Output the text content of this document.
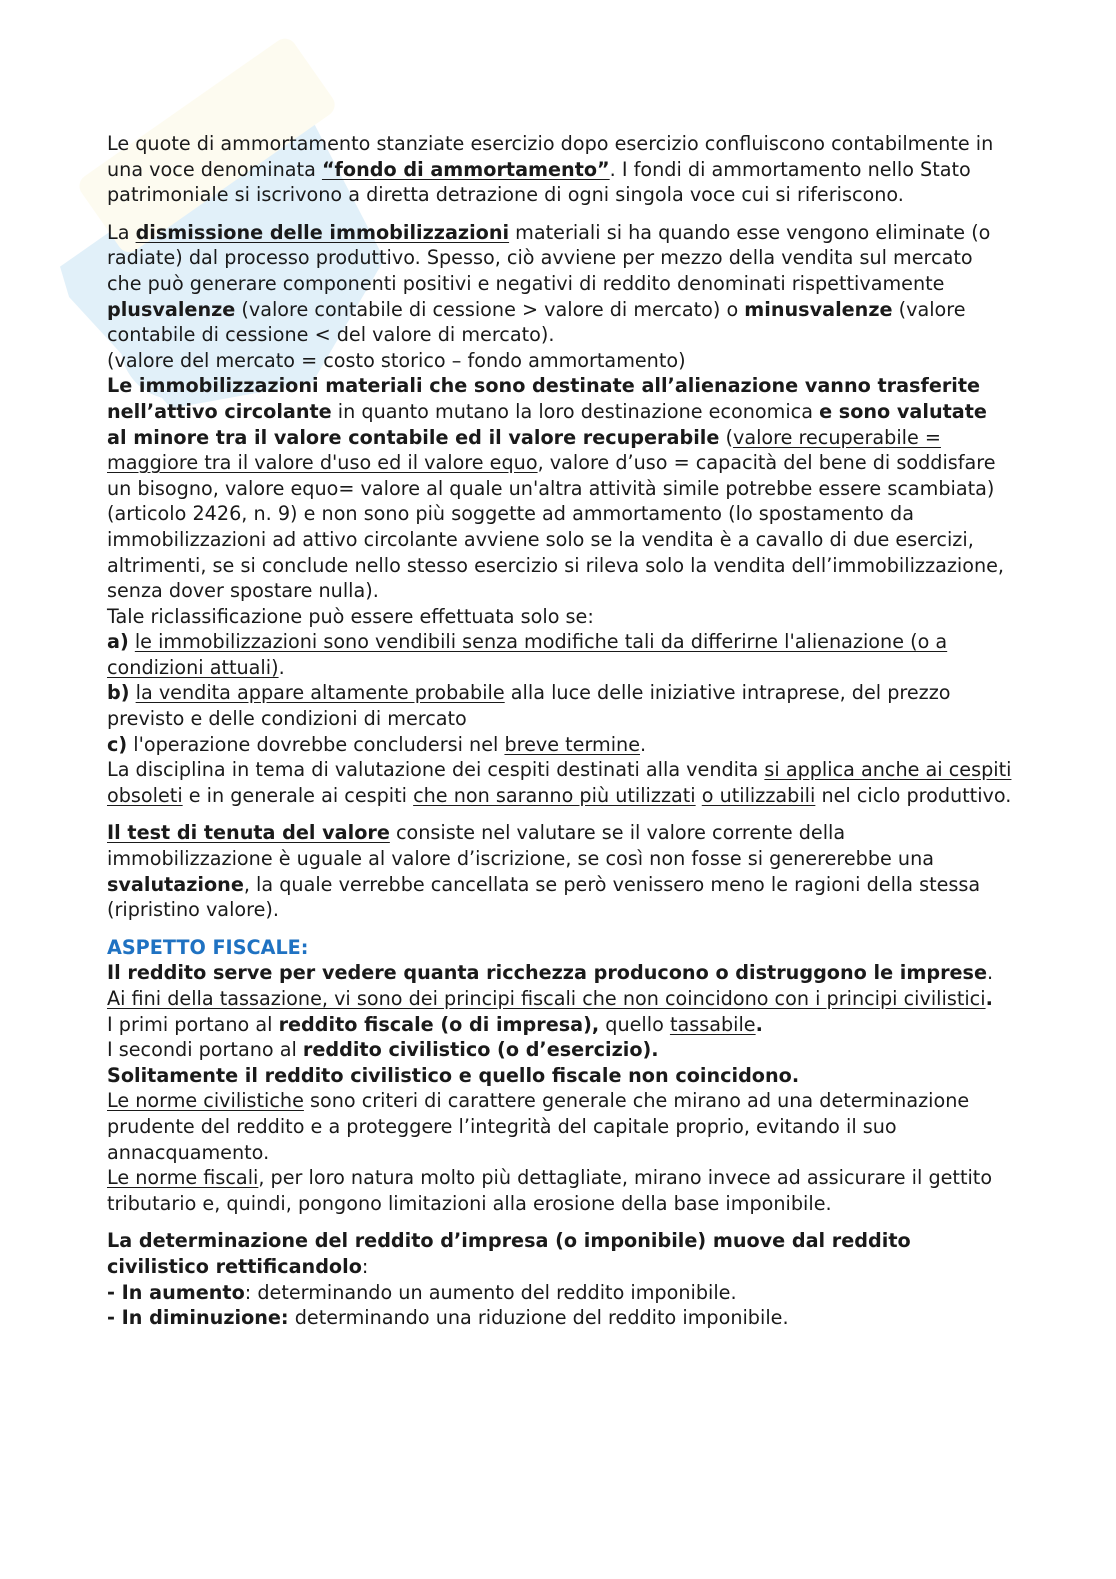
Le quote di ammortamento stanziate esercizio dopo esercizio confluiscono contabilmente in una voce denominata “fondo di ammortamento”. I fondi di ammortamento nello Stato patrimoniale si iscrivono a diretta detrazione di ogni singola voce cui si riferiscono.

La dismissione delle immobilizzazioni materiali si ha quando esse vengono eliminate (o radiate) dal processo produttivo. Spesso, ciò avviene per mezzo della vendita sul mercato che può generare componenti positivi e negativi di reddito denominati rispettivamente plusvalenze (valore contabile di cessione > valore di mercato) o minusvalenze (valore contabile di cessione < del valore di mercato).

(valore del mercato = costo storico – fondo ammortamento)

Le immobilizzazioni materiali che sono destinate all’alienazione vanno trasferite nell’attivo circolante in quanto mutano la loro destinazione economica e sono valutate al minore tra il valore contabile ed il valore recuperabile (valore recuperabile = maggiore tra il valore d'uso ed il valore equo, valore d’uso = capacità del bene di soddisfare un bisogno, valore equo= valore al quale un'altra attività simile potrebbe essere scambiata) (articolo 2426, n. 9) e non sono più soggette ad ammortamento (lo spostamento da immobilizzazioni ad attivo circolante avviene solo se la vendita è a cavallo di due esercizi, altrimenti, se si conclude nello stesso esercizio si rileva solo la vendita dell’immobilizzazione, senza dover spostare nulla).

Tale riclassificazione può essere effettuata solo se:

a) le immobilizzazioni sono vendibili senza modifiche tali da differirne l'alienazione (o a condizioni attuali).

b) la vendita appare altamente probabile alla luce delle iniziative intraprese, del prezzo previsto e delle condizioni di mercato

c) l'operazione dovrebbe concludersi nel breve termine.

La disciplina in tema di valutazione dei cespiti destinati alla vendita si applica anche ai cespiti obsoleti e in generale ai cespiti che non saranno più utilizzati o utilizzabili nel ciclo produttivo.

Il test di tenuta del valore consiste nel valutare se il valore corrente della immobilizzazione è uguale al valore d’iscrizione, se così non fosse si genererebbe una svalutazione, la quale verrebbe cancellata se però venissero meno le ragioni della stessa (ripristino valore).

ASPETTO FISCALE:

Il reddito serve per vedere quanta ricchezza producono o distruggono le imprese.

Ai fini della tassazione, vi sono dei principi fiscali che non coincidono con i principi civilistici.

I primi portano al reddito fiscale (o di impresa), quello tassabile.

I secondi portano al reddito civilistico (o d’esercizio).

Solitamente il reddito civilistico e quello fiscale non coincidono.

Le norme civilistiche sono criteri di carattere generale che mirano ad una determinazione prudente del reddito e a proteggere l’integrità del capitale proprio, evitando il suo annacquamento.

Le norme fiscali, per loro natura molto più dettagliate, mirano invece ad assicurare il gettito tributario e, quindi, pongono limitazioni alla erosione della base imponibile.

La determinazione del reddito d’impresa (o imponibile) muove dal reddito civilistico rettificandolo:

- In aumento: determinando un aumento del reddito imponibile.

- In diminuzione: determinando una riduzione del reddito imponibile.
